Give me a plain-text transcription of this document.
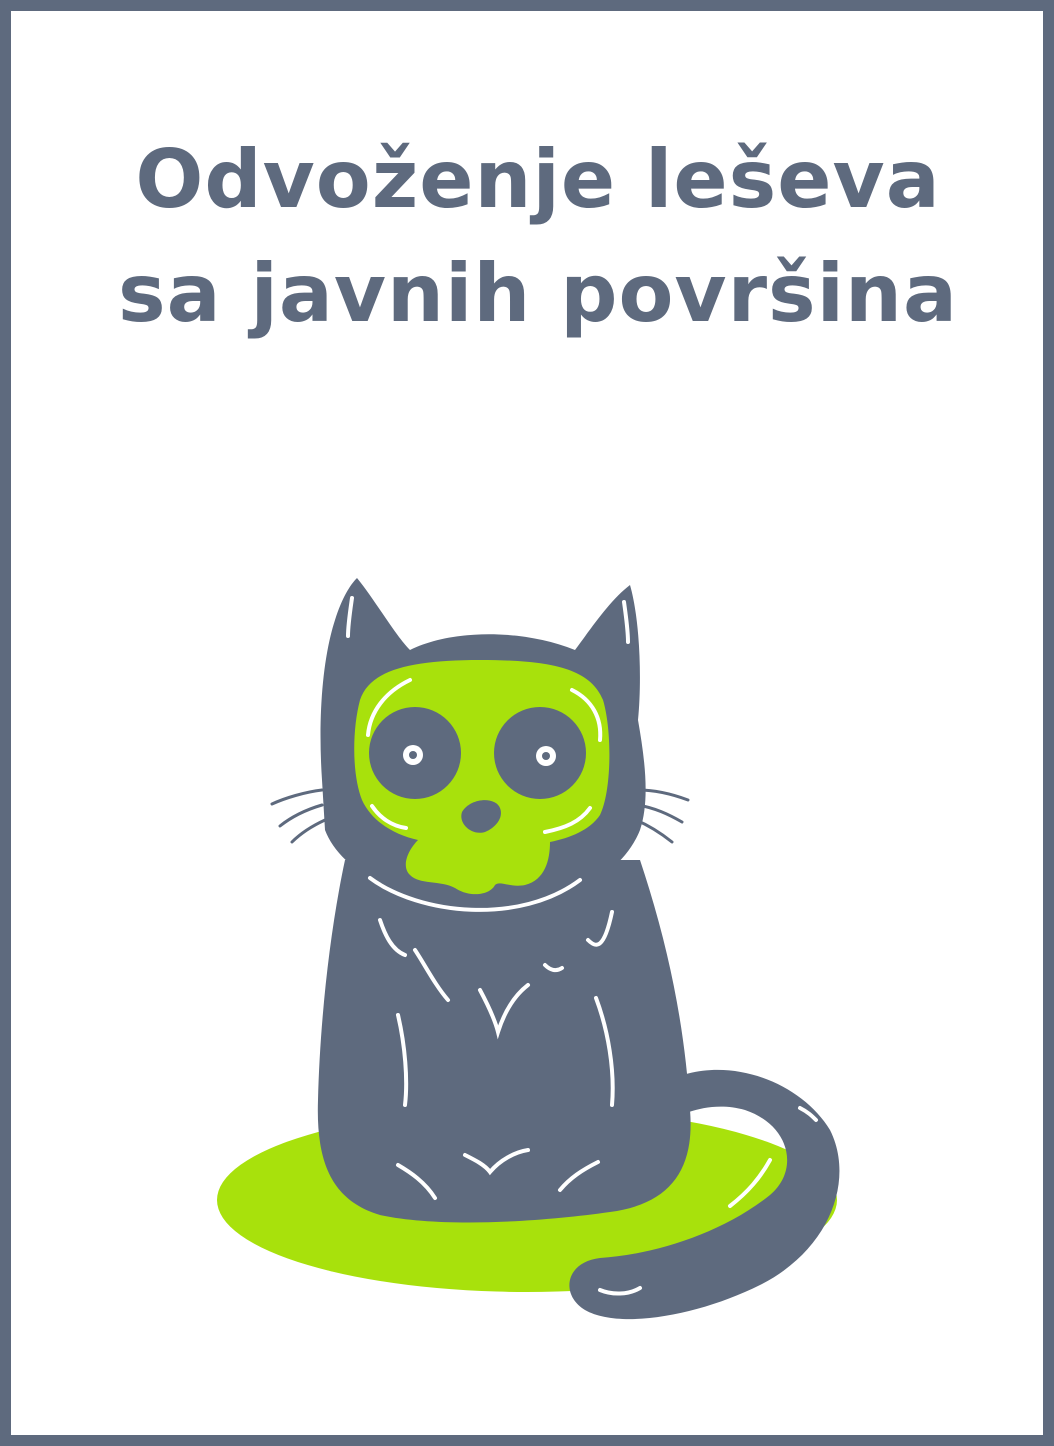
Odvoženje leševa
sa javnih površina
